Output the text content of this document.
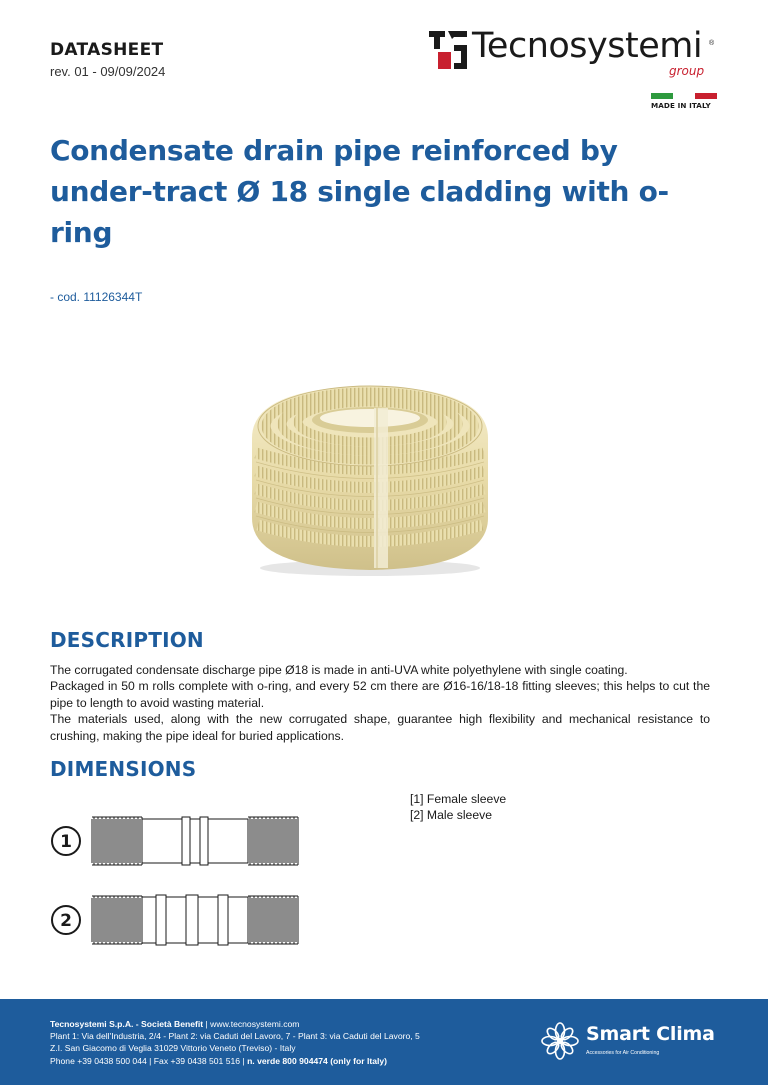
DATASHEET
rev. 01 - 09/09/2024
Tecnosystemi ®
group
MADE IN ITALY
Condensate drain pipe reinforced by under-tract Ø 18 single cladding with o-ring
- cod. 11126344T
DESCRIPTION

The corrugated condensate discharge pipe Ø18 is made in anti-UVA white polyethylene with single coating.

Packaged in 50 m rolls complete with o-ring, and every 52 cm there are Ø16-16/18-18 fitting sleeves; this helps to cut the pipe to length to avoid wasting material.

The materials used, along with the new corrugated shape, guarantee high flexibility and mechanical resistance to crushing, making the pipe ideal for buried applications.

DIMENSIONS
[1] Female sleeve
[2] Male sleeve
1
2
Tecnosystemi S.p.A. - Società Benefit | www.tecnosystemi.com
Plant 1: Via dell'Industria, 2/4 - Plant 2: via Caduti del Lavoro, 7 - Plant 3: via Caduti del Lavoro, 5
Z.I. San Giacomo di Veglia 31029 Vittorio Veneto (Treviso) - Italy
Phone +39 0438 500 044 | Fax +39 0438 501 516 | n. verde 800 904474 (only for Italy)
Smart Clima
Accessories for Air Conditioning
